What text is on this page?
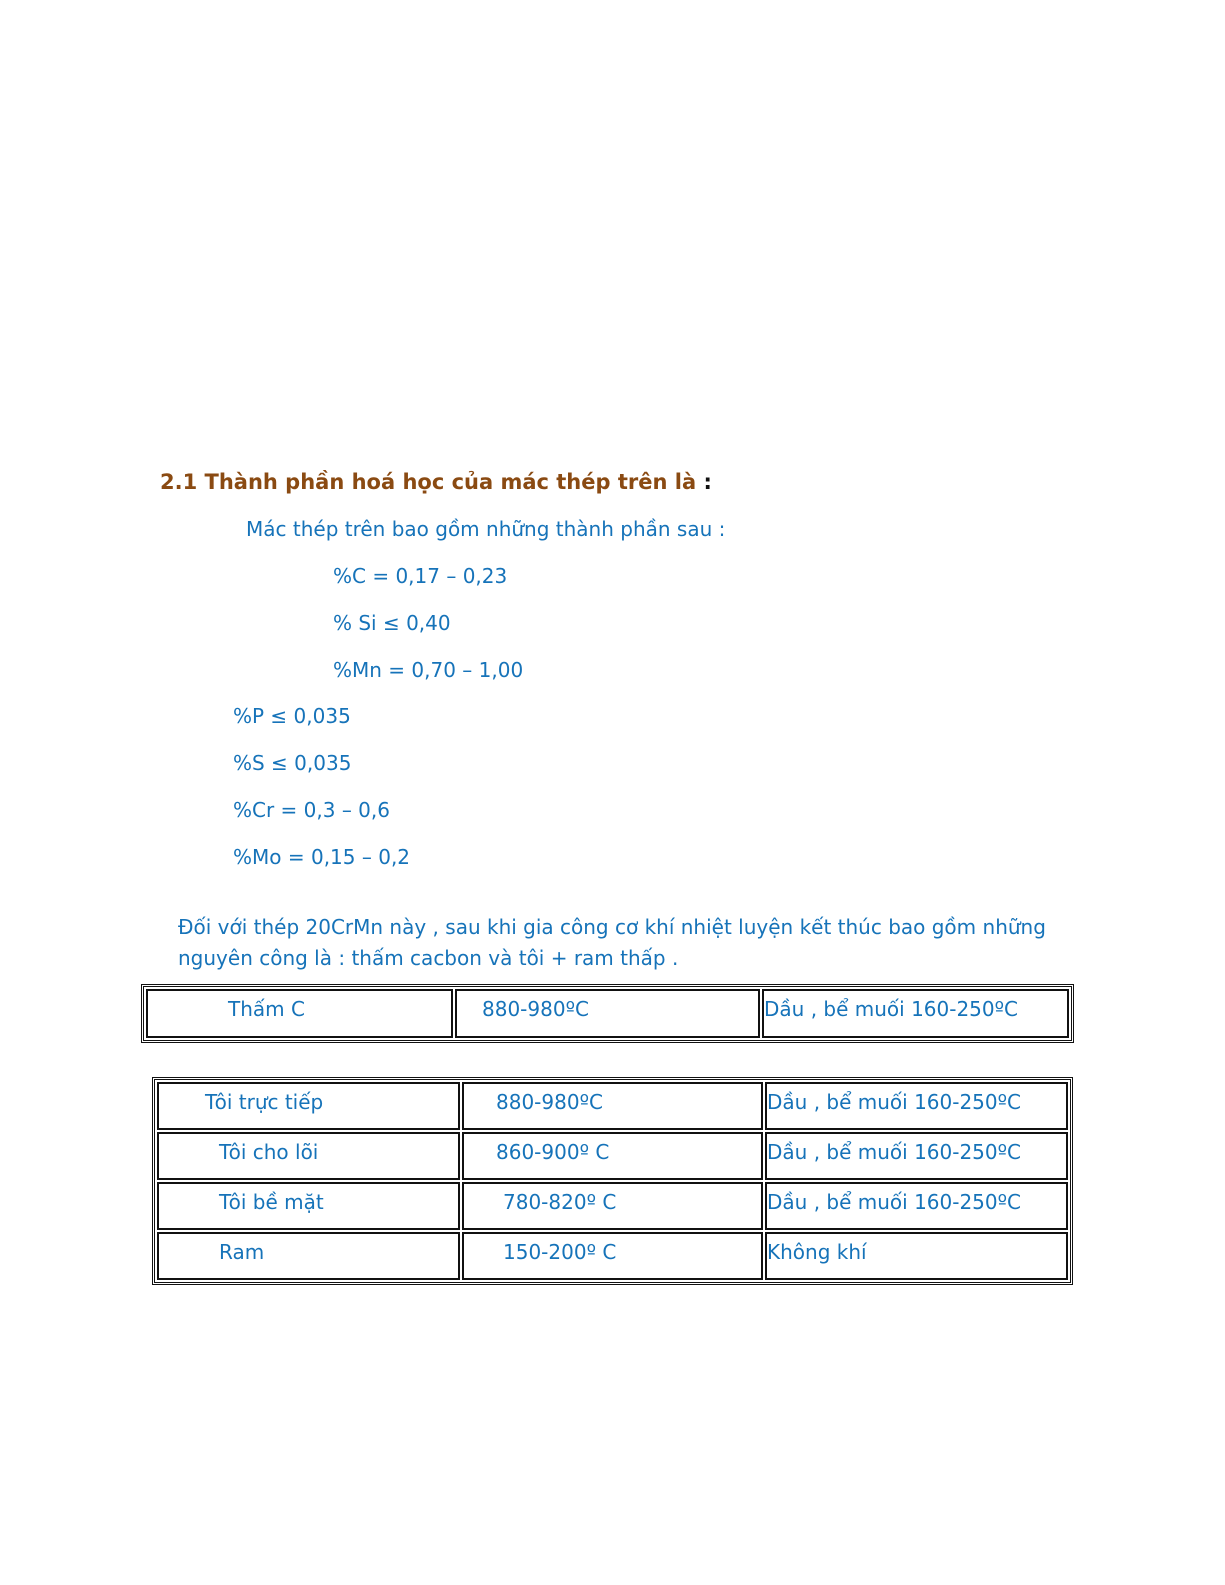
2.1 Thành phần hoá học của mác thép trên là :
Mác thép trên bao gồm những thành phần sau :
%C = 0,17 – 0,23
% Si ≤ 0,40
%Mn = 0,70 – 1,00
%P ≤ 0,035
%S ≤ 0,035
%Cr = 0,3 – 0,6
%Mo = 0,15 – 0,2
Đối với thép 20CrMn này , sau khi gia công cơ khí nhiệt luyện kết thúc bao gồm những
nguyên công là : thấm cacbon và tôi + ram thấp .
Thấm C	880-980ºC	Dầu , bể muối 160-250ºC
Tôi trực tiếp	880-980ºC	Dầu , bể muối 160-250ºC
Tôi cho lõi	860-900º C	Dầu , bể muối 160-250ºC
Tôi bề mặt	780-820º C	Dầu , bể muối 160-250ºC
Ram	150-200º C	Không khí
